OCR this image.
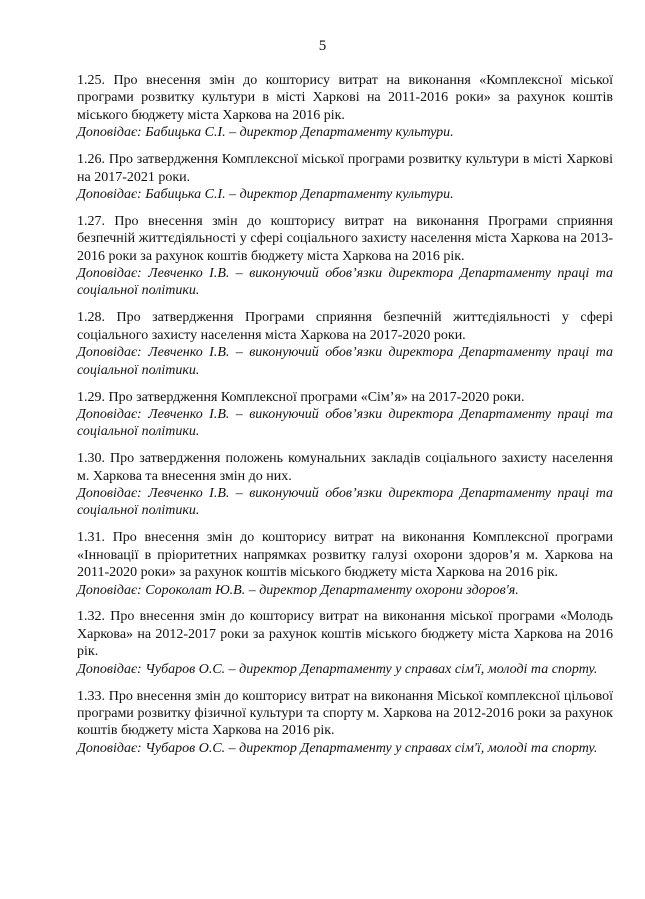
5
1.25. Про внесення змін до кошторису витрат на виконання «Комплексної міської програми розвитку культури в місті Харкові на 2011-2016 роки» за рахунок коштів міського бюджету міста Харкова на 2016 рік.
Доповідає: Бабицька С.І. – директор Департаменту культури.
1.26. Про затвердження Комплексної міської програми розвитку культури в місті Харкові на 2017-2021 роки.
Доповідає: Бабицька С.І. – директор Департаменту культури.
1.27. Про внесення змін до кошторису витрат на виконання Програми сприяння безпечній життєдіяльності у сфері соціального захисту населення міста Харкова на 2013-2016 роки за рахунок коштів бюджету міста Харкова на 2016 рік.
Доповідає: Левченко І.В. – виконуючий обов’язки директора Департаменту праці та соціальної політики.
1.28. Про затвердження Програми сприяння безпечній життєдіяльності у сфері соціального захисту населення міста Харкова на 2017-2020 роки.
Доповідає: Левченко І.В. – виконуючий обов’язки директора Департаменту праці та соціальної політики.
1.29. Про затвердження Комплексної програми «Сім’я» на 2017-2020 роки.
Доповідає: Левченко І.В. – виконуючий обов’язки директора Департаменту праці та соціальної політики.
1.30. Про затвердження положень комунальних закладів соціального захисту населення м. Харкова та внесення змін до них.
Доповідає: Левченко І.В. – виконуючий обов’язки директора Департаменту праці та соціальної політики.
1.31. Про внесення змін до кошторису витрат на виконання Комплексної програми «Інновації в пріоритетних напрямках розвитку галузі охорони здоров’я м. Харкова на 2011-2020 роки» за рахунок коштів міського бюджету міста Харкова на 2016 рік.
Доповідає: Сороколат Ю.В. – директор Департаменту охорони здоров'я.
1.32. Про внесення змін до кошторису витрат на виконання міської програми «Молодь Харкова» на 2012-2017 роки за рахунок коштів міського бюджету міста Харкова на 2016 рік.
Доповідає: Чубаров О.С. – директор Департаменту у справах сім'ї, молоді та спорту.
1.33. Про внесення змін до кошторису витрат на виконання Міської комплексної цільової програми розвитку фізичної культури та спорту м. Харкова на 2012-2016 роки за рахунок коштів бюджету міста Харкова на 2016 рік.
Доповідає: Чубаров О.С. – директор Департаменту у справах сім'ї, молоді та спорту.
